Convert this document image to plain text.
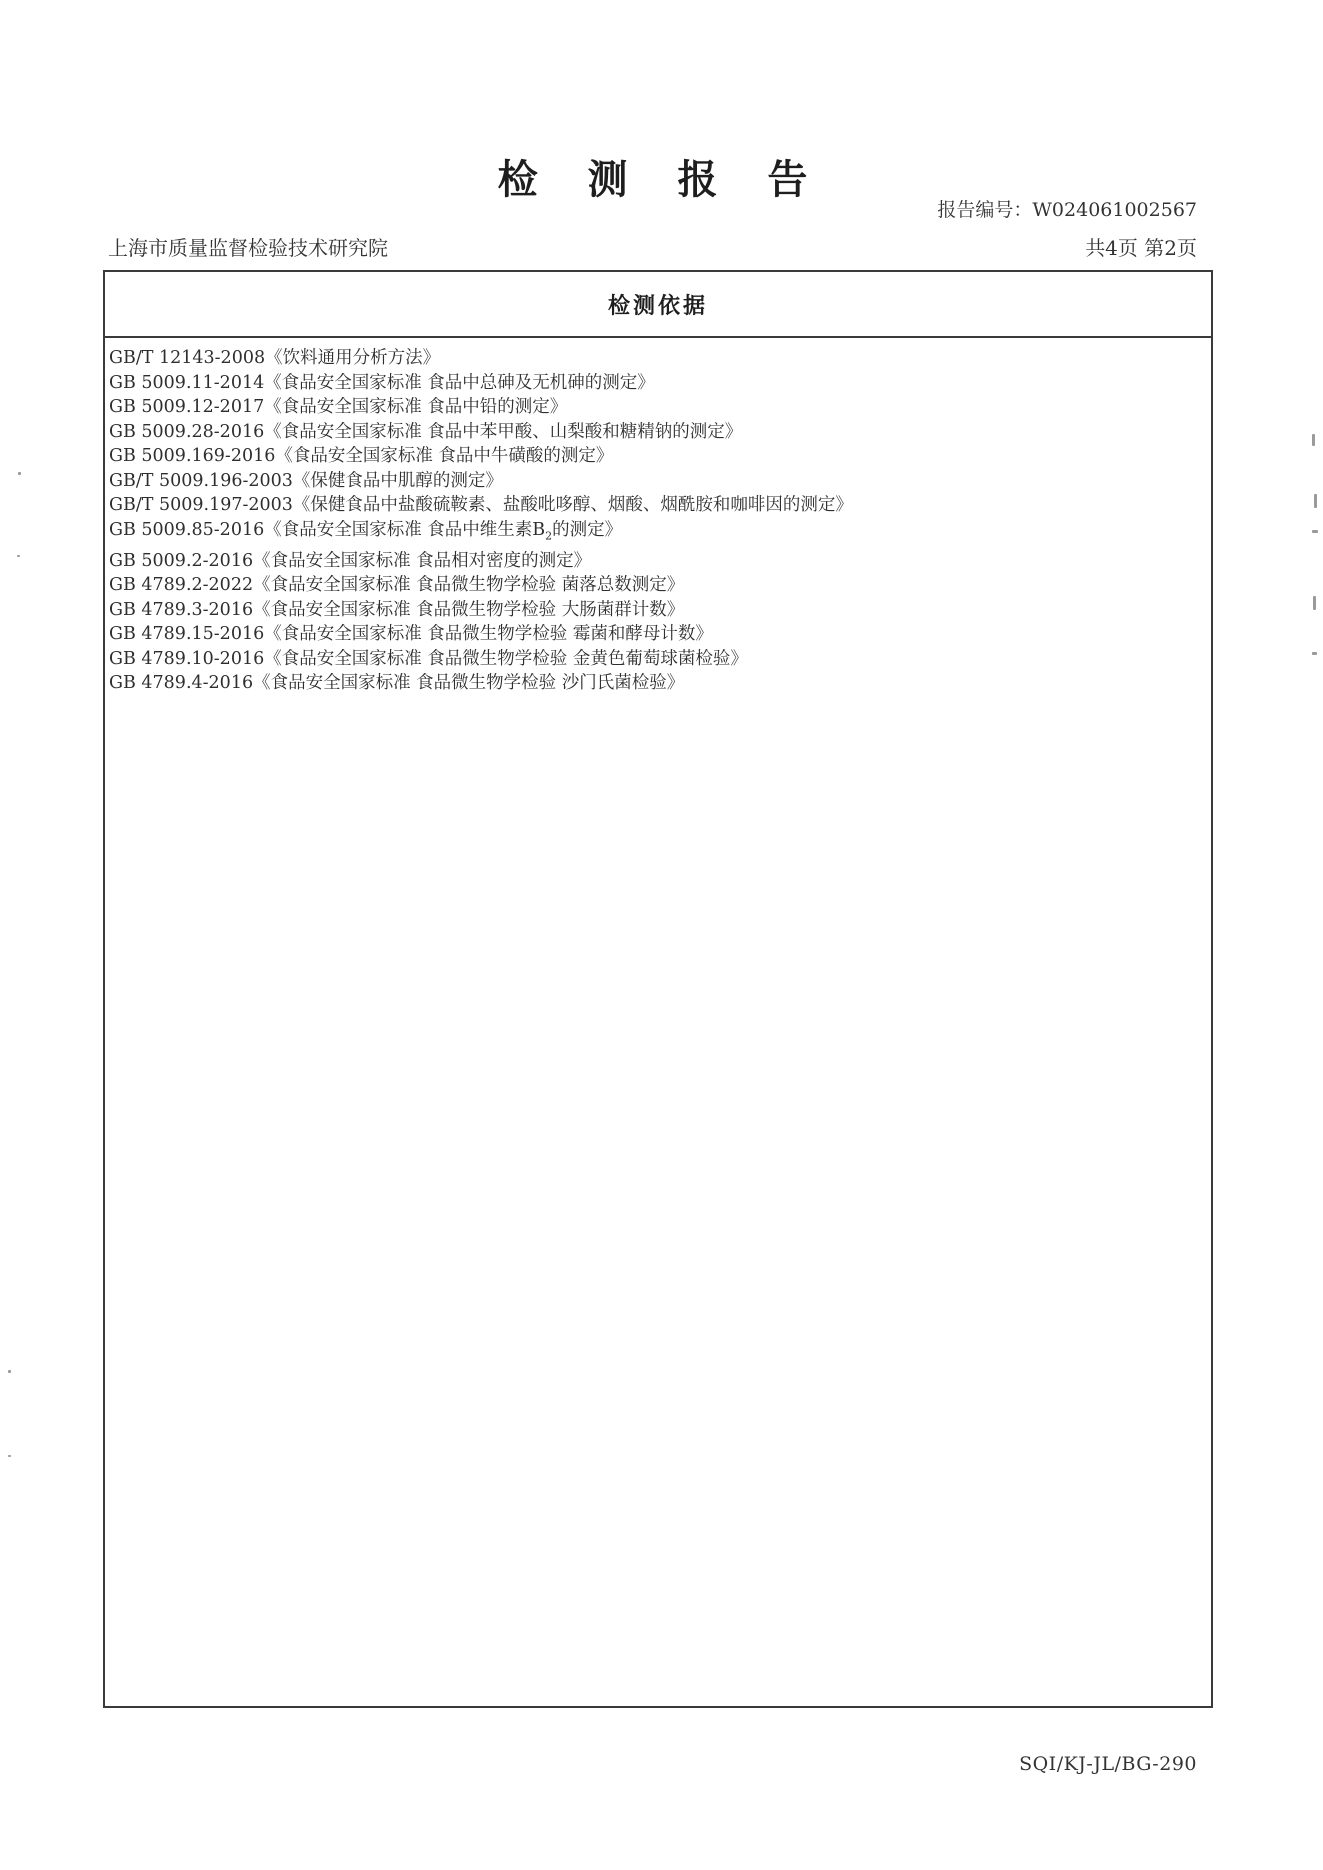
检 测 报 告
报告编号：W024061002567
上海市质量监督检验技术研究院	共4页 第2页
检测依据
GB/T 12143-2008《饮料通用分析方法》
GB 5009.11-2014《食品安全国家标准 食品中总砷及无机砷的测定》
GB 5009.12-2017《食品安全国家标准 食品中铅的测定》
GB 5009.28-2016《食品安全国家标准 食品中苯甲酸、山梨酸和糖精钠的测定》
GB 5009.169-2016《食品安全国家标准 食品中牛磺酸的测定》
GB/T 5009.196-2003《保健食品中肌醇的测定》
GB/T 5009.197-2003《保健食品中盐酸硫鞍素、盐酸吡哆醇、烟酸、烟酰胺和咖啡因的测定》
GB 5009.85-2016《食品安全国家标准 食品中维生素$B_2$的测定》
GB 5009.2-2016《食品安全国家标准 食品相对密度的测定》
GB 4789.2-2022《食品安全国家标准 食品微生物学检验 菌落总数测定》
GB 4789.3-2016《食品安全国家标准 食品微生物学检验 大肠菌群计数》
GB 4789.15-2016《食品安全国家标准 食品微生物学检验 霉菌和酵母计数》
GB 4789.10-2016《食品安全国家标准 食品微生物学检验 金黄色葡萄球菌检验》
GB 4789.4-2016《食品安全国家标准 食品微生物学检验 沙门氏菌检验》
SQI/KJ-JL/BG-290
